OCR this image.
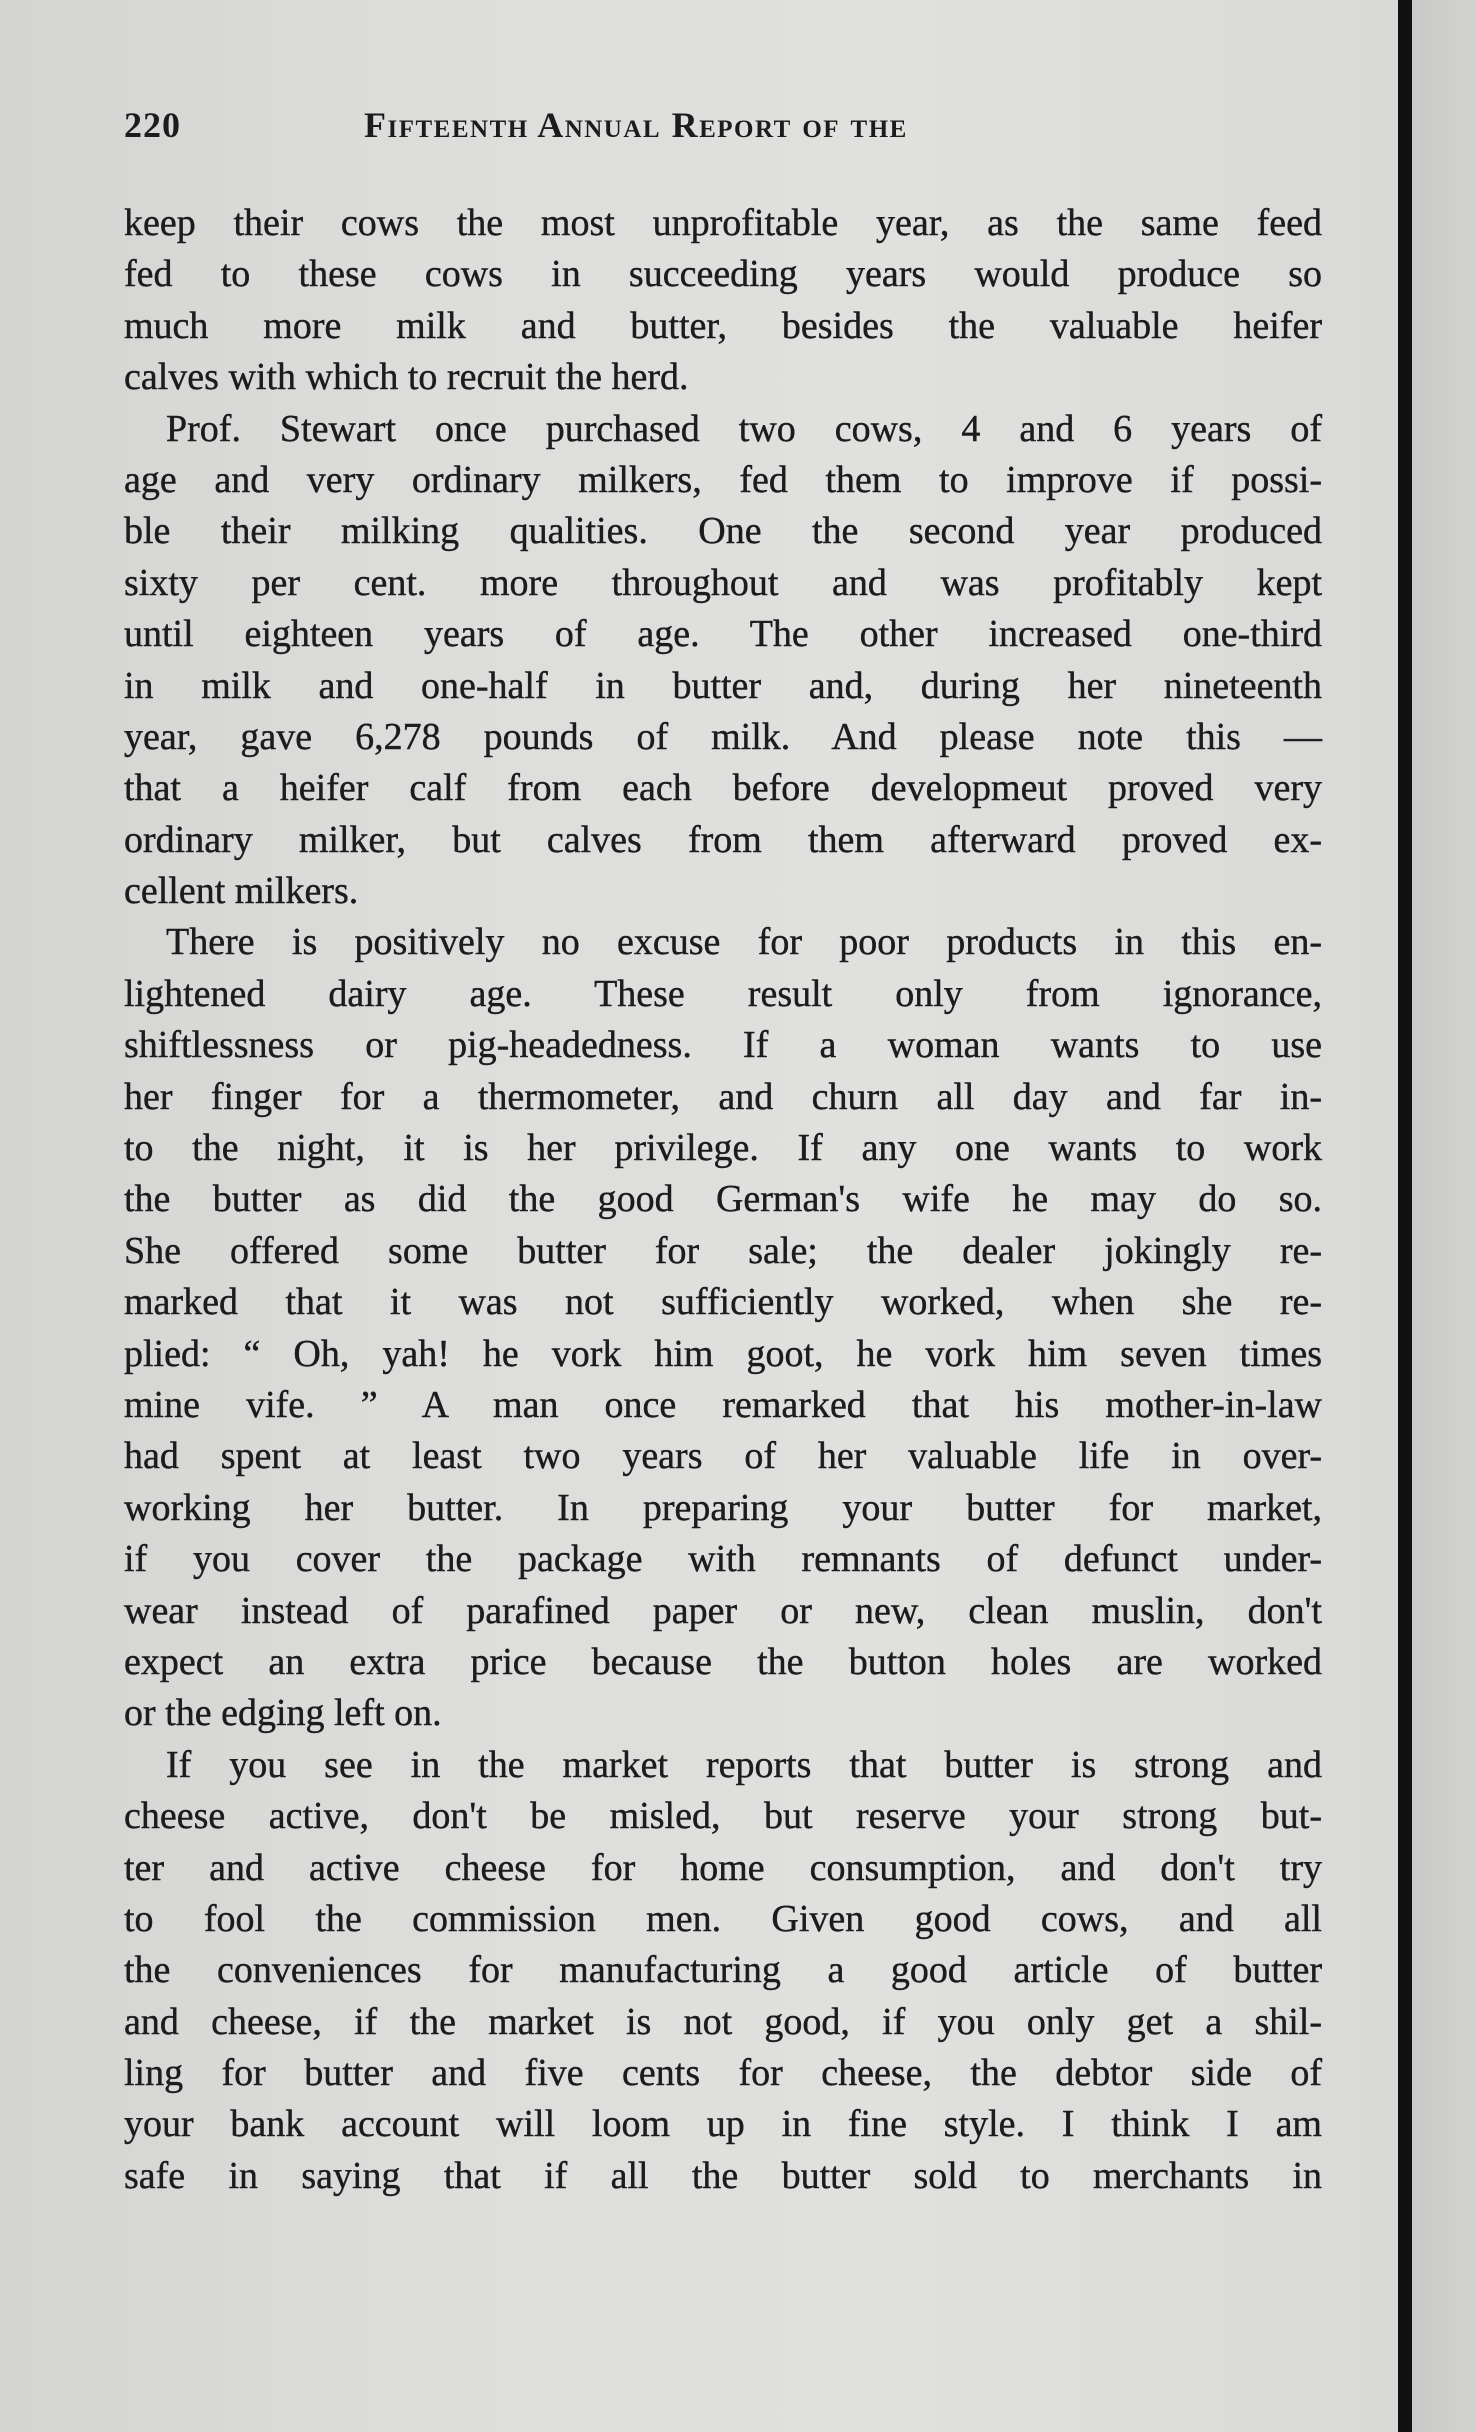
220	Fifteenth Annual Report of the
keep their cows the most unprofitable year, as the same feed
fed to these cows in succeeding years would produce so
much more milk and butter, besides the valuable heifer
calves with which to recruit the herd.
Prof. Stewart once purchased two cows, 4 and 6 years of
age and very ordinary milkers, fed them to improve if possi-
ble their milking qualities. One the second year produced
sixty per cent. more throughout and was profitably kept
until eighteen years of age. The other increased one-third
in milk and one-half in butter and, during her nineteenth
year, gave 6,278 pounds of milk. And please note this —
that a heifer calf from each before developmeut proved very
ordinary milker, but calves from them afterward proved ex-
cellent milkers.
There is positively no excuse for poor products in this en-
lightened dairy age. These result only from ignorance,
shiftlessness or pig-headedness. If a woman wants to use
her finger for a thermometer, and churn all day and far in-
to the night, it is her privilege. If any one wants to work
the butter as did the good German's wife he may do so.
She offered some butter for sale; the dealer jokingly re-
marked that it was not sufficiently worked, when she re-
plied: “ Oh, yah! he vork him goot, he vork him seven times
mine vife. ” A man once remarked that his mother-in-law
had spent at least two years of her valuable life in over-
working her butter. In preparing your butter for market,
if you cover the package with remnants of defunct under-
wear instead of parafined paper or new, clean muslin, don't
expect an extra price because the button holes are worked
or the edging left on.
If you see in the market reports that butter is strong and
cheese active, don't be misled, but reserve your strong but-
ter and active cheese for home consumption, and don't try
to fool the commission men. Given good cows, and all
the conveniences for manufacturing a good article of butter
and cheese, if the market is not good, if you only get a shil-
ling for butter and five cents for cheese, the debtor side of
your bank account will loom up in fine style. I think I am
safe in saying that if all the butter sold to merchants in
